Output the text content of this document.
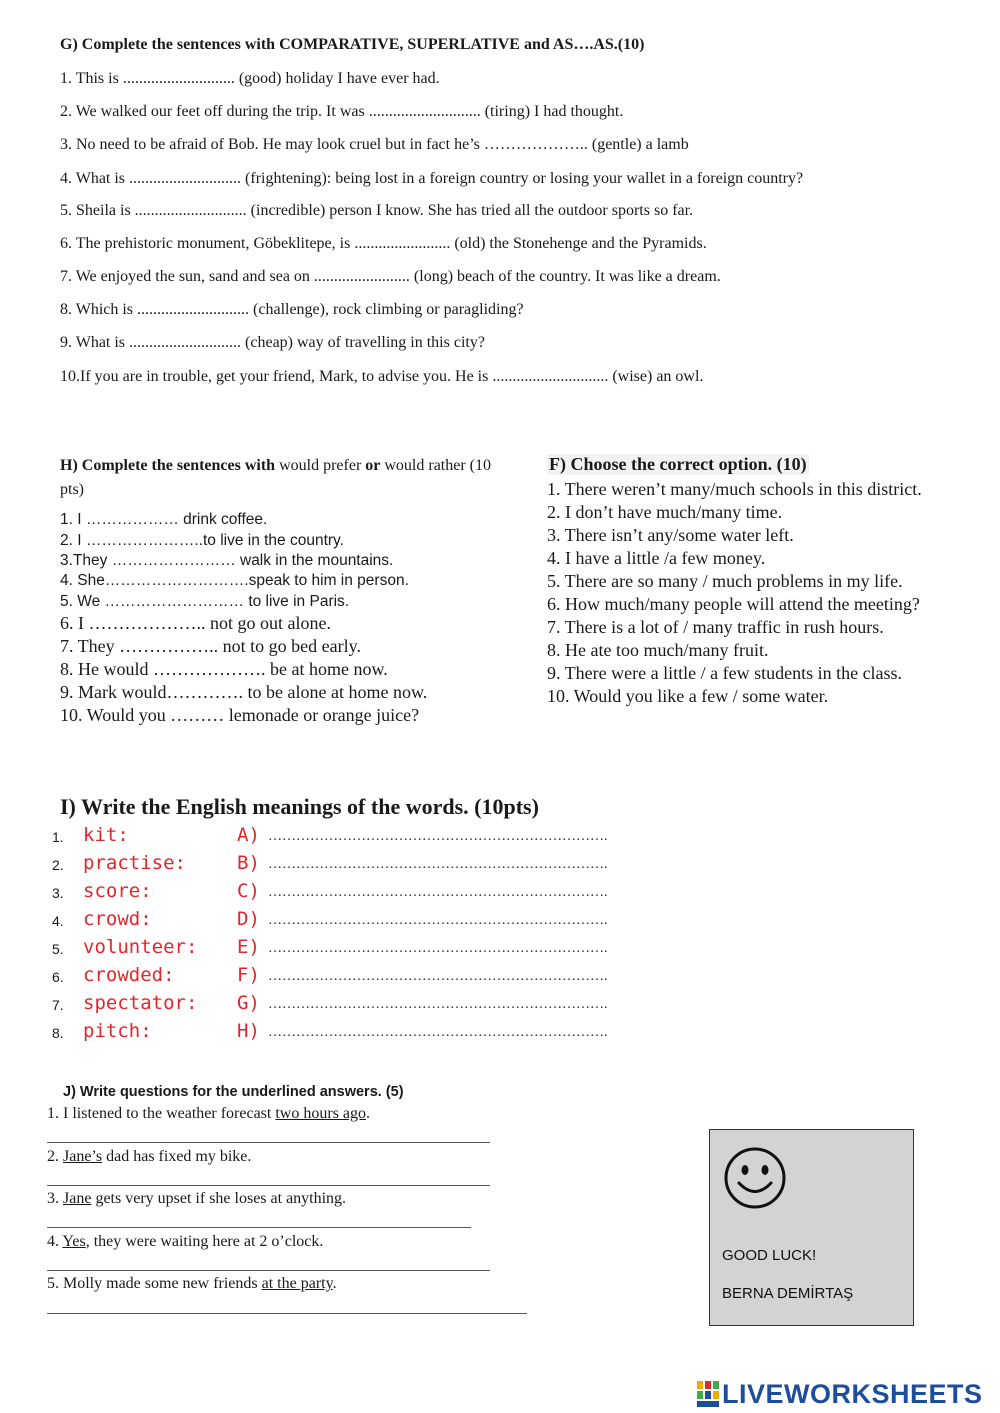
G) Complete the sentences with COMPARATIVE, SUPERLATIVE and AS….AS.(10)
1. This is ............................ (good) holiday I have ever had.
2. We walked our feet off during the trip. It was ............................ (tiring) I had thought.
3. No need to be afraid of Bob. He may look cruel but in fact he’s ……………….. (gentle) a lamb
4. What is ............................ (frightening): being lost in a foreign country or losing your wallet in a foreign country?
5. Sheila is ............................ (incredible) person I know. She has tried all the outdoor sports so far.
6. The prehistoric monument, Göbeklitepe, is ........................ (old) the Stonehenge and the Pyramids.
7. We enjoyed the sun, sand and sea on ........................ (long) beach of the country. It was like a dream.
8. Which is ............................ (challenge), rock climbing or paragliding?
9. What is ............................ (cheap) way of travelling in this city?
10.If you are in trouble, get your friend, Mark, to advise you. He is ............................. (wise) an owl.
H) Complete the sentences with would prefer or would rather (10 pts)
1. I ……………… drink coffee.
2. I …………………..to live in the country.
3.They …………………… walk in the mountains.
4. She……………………….speak to him in person.
5. We ……………………… to live in Paris.
6. I ……………….. not go out alone.
7. They …………….. not to go bed early.
8. He would ………………. be at home now.
9. Mark would…………. to be alone at home now.
10. Would you ……… lemonade or orange juice?
F) Choose the correct option. (10)
1. There weren’t many/much schools in this district.
2. I don’t have much/many time.
3. There isn’t any/some water left.
4. I have a little /a few money.
5. There are so many / much problems in my life.
6. How much/many people will attend the meeting?
7. There is a lot of / many traffic in rush hours.
8. He ate too much/many fruit.
9. There were a little / a few students in the class.
10. Would you like a few / some water.
I) Write the English meanings of the words. (10pts)
1. kit:	A) ……………………………………………………………….
2. practise:	B) ……………………………………………………………….
3. score:	C) ……………………………………………………………….
4. crowd:	D) ……………………………………………………………….
5. volunteer: E) ……………………………………………………………….
6. crowded:	F) ……………………………………………………………….
7. spectator: G) ……………………………………………………………….
8. pitch:	H) ……………………………………………………………….
J) Write questions for the underlined answers. (5)
1. I listened to the weather forecast two hours ago.
2. Jane’s dad has fixed my bike.
3. Jane gets very upset if she loses at anything.
4. Yes, they were waiting here at 2 o’clock.
5. Molly made some new friends at the party.
GOOD LUCK!
BERNA DEMİRTAŞ
LIVEWORKSHEETS
